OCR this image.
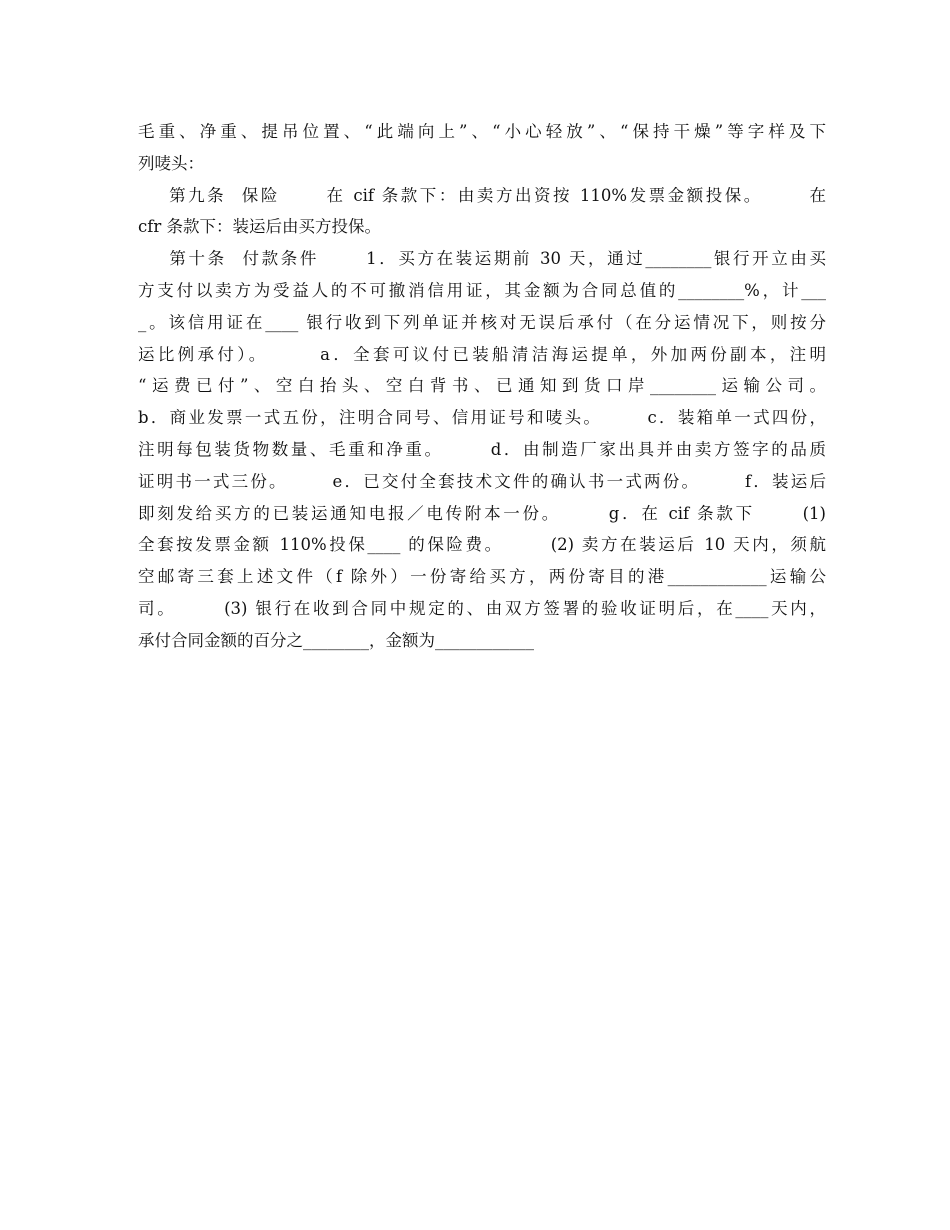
毛重、净重、提吊位置、“此端向上”、“小心轻放”、“保持干燥”等字样及下
列唛头：
第九条  保险      在 cif 条款下：由卖方出资按 110%发票金额投保。      在
cfr 条款下：装运后由买方投保。
第十条  付款条件      1．买方在装运期前 30 天，通过________银行开立由买
方支付以卖方为受益人的不可撤消信用证，其金额为合同总值的________%，计___
_。该信用证在____ 银行收到下列单证并核对无误后承付（在分运情况下，则按分
运比例承付）。      a．全套可议付已装船清洁海运提单，外加两份副本，注明
“运费已付”、空白抬头、空白背书、已通知到货口岸________运输公司。
b．商业发票一式五份，注明合同号、信用证号和唛头。      c．装箱单一式四份，
注明每包装货物数量、毛重和净重。      d．由制造厂家出具并由卖方签字的品质
证明书一式三份。      e．已交付全套技术文件的确认书一式两份。      f．装运后
即刻发给买方的已装运通知电报／电传附本一份。      g．在 cif 条款下      (1)
全套按发票金额 110%投保____ 的保险费。      (2) 卖方在装运后 10 天内，须航
空邮寄三套上述文件（f 除外）一份寄给买方，两份寄目的港____________运输公
司。      (3) 银行在收到合同中规定的、由双方签署的验收证明后，在____天内，
承付合同金额的百分之________，金额为____________
